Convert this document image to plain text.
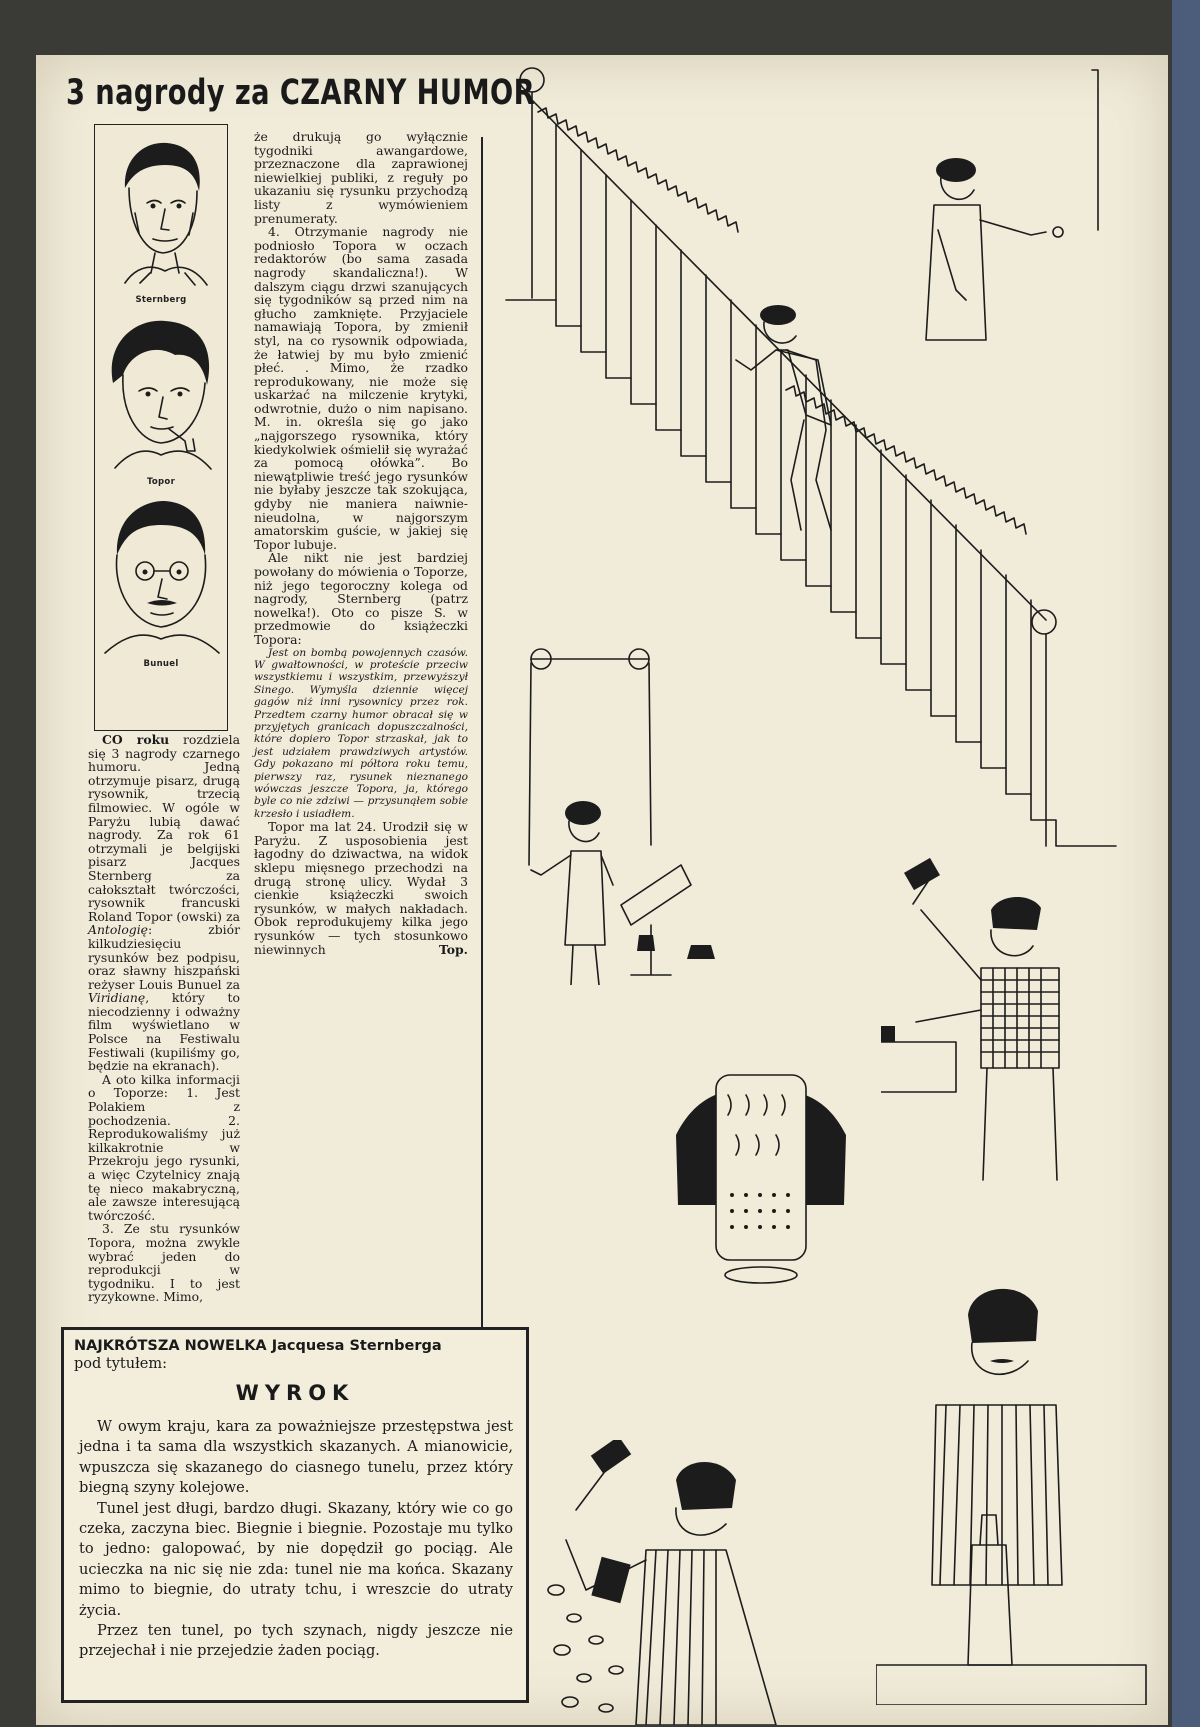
3 nagrody za CZARNY HUMOR
Sternberg
Topor
Bunuel

CO roku rozdziela się 3 nagrody czarnego humoru. Jedną otrzymuje pisarz, drugą rysownik, trzecią filmowiec. W ogóle w Paryżu lubią dawać nagrody. Za rok 61 otrzymali je belgijski pisarz Jacques Sternberg za całokształt twórczości, rysownik francuski Roland Topor (owski) za Antologię: zbiór kilkudziesięciu rysunków bez podpisu, oraz sławny hiszpański reżyser Louis Bunuel za Viridianę, który to niecodzienny i odważny film wyświetlano w Polsce na Festiwalu Festiwali (kupiliśmy go, będzie na ekranach).

A oto kilka informacji o Toporze: 1. Jest Polakiem z pochodzenia. 2. Reprodukowaliśmy już kilkakrotnie w Przekroju jego rysunki, a więc Czytelnicy znają tę nieco makabryczną, ale zawsze interesującą twórczość.

3. Ze stu rysunków Topora, można zwykle wybrać jeden do reprodukcji w tygodniku. I to jest ryzykowne. Mimo,

że drukują go wyłącznie tygodniki awangardowe, przeznaczone dla zaprawionej niewielkiej publiki, z reguły po ukazaniu się rysunku przychodzą listy z wymówieniem prenumeraty.

4. Otrzymanie nagrody nie podniosło Topora w oczach redaktorów (bo sama zasada nagrody skandaliczna!). W dalszym ciągu drzwi szanujących się tygodników są przed nim na głucho zamknięte. Przyjaciele namawiają Topora, by zmienił styl, na co rysownik odpowiada, że łatwiej by mu było zmienić płeć. . Mimo, że rzadko reprodukowany, nie może się uskarżać na milczenie krytyki, odwrotnie, dużo o nim napisano. M. in. określa się go jako „najgorszego rysownika, który kiedykolwiek ośmielił się wyrażać za pomocą ołówka”. Bo niewątpliwie treść jego rysunków nie byłaby jeszcze tak szokująca, gdyby nie maniera naiwnie-nieudolna, w najgorszym amatorskim guście, w jakiej się Topor lubuje.

Ale nikt nie jest bardziej powołany do mówienia o Toporze, niż jego tegoroczny kolega od nagrody, Sternberg (patrz nowelka!). Oto co pisze S. w przedmowie do książeczki Topora:

Jest on bombą powojennych czasów. W gwałtowności, w proteście przeciw wszystkiemu i wszystkim, przewyższył Sinego. Wymyśla dziennie więcej gagów niż inni rysownicy przez rok. Przedtem czarny humor obracał się w przyjętych granicach dopuszczalności, które dopiero Topor strzaskał, jak to jest udziałem prawdziwych artystów. Gdy pokazano mi półtora roku temu, pierwszy raz, rysunek nieznanego wówczas jeszcze Topora, ja, którego byle co nie zdziwi — przysunąłem sobie krzesło i usiadłem.

Topor ma lat 24. Urodził się w Paryżu. Z usposobienia jest łagodny do dziwactwa, na widok sklepu mięsnego przechodzi na drugą stronę ulicy. Wydał 3 cienkie książeczki swoich rysunków, w małych nakładach. Obok reprodukujemy kilka jego rysunków — tych stosunkowo niewinnych	Top.

NAJKRÓTSZA NOWELKA Jacquesa Sternberga
pod tytułem:
WYROK

W owym kraju, kara za poważniejsze przestępstwa jest jedna i ta sama dla wszystkich skazanych. A mianowicie, wpuszcza się skazanego do ciasnego tunelu, przez który biegną szyny kolejowe.

Tunel jest długi, bardzo długi. Skazany, który wie co go czeka, zaczyna biec. Biegnie i biegnie. Pozostaje mu tylko to jedno: galopować, by nie dopędził go pociąg. Ale ucieczka na nic się nie zda: tunel nie ma końca. Skazany mimo to biegnie, do utraty tchu, i wreszcie do utraty życia.

Przez ten tunel, po tych szynach, nigdy jeszcze nie przejechał i nie przejedzie żaden pociąg.
